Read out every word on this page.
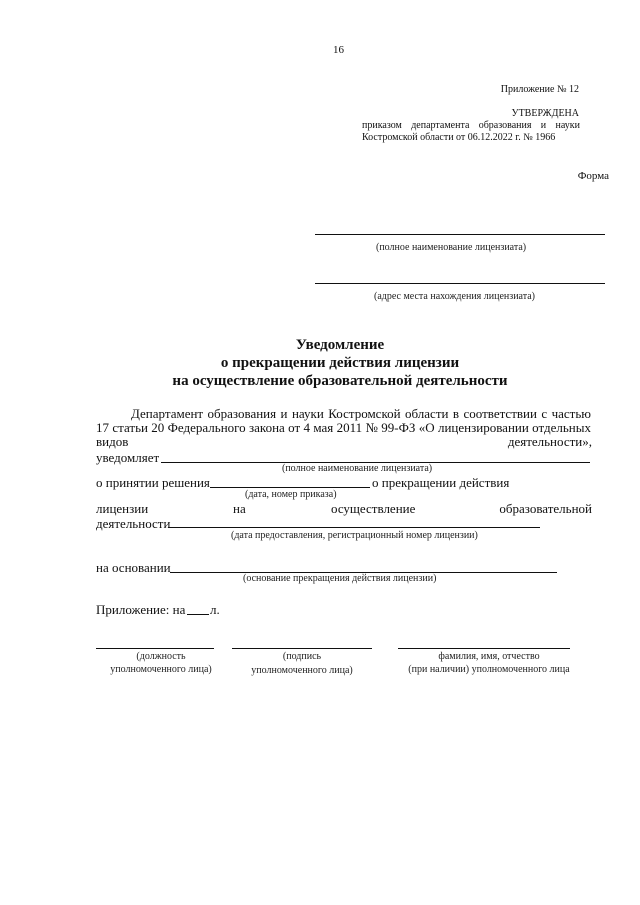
16
Приложение № 12
УТВЕРЖДЕНА
приказом департамента образования и науки
Костромской области от 06.12.2022 г. № 1966
Форма
(полное наименование лицензиата)
(адрес места нахождения лицензиата)
Уведомление
о прекращении действия лицензии
на осуществление образовательной деятельности
Департамент образования и науки Костромской области в соответствии с частью
17 статьи 20 Федерального закона от 4 мая 2011 № 99-ФЗ «О лицензировании отдельных
видов	деятельности»,
уведомляет
(полное наименование лицензиата)
о принятии решения	о прекращении действия
(дата, номер приказа)
лицензии	на	осуществление	образовательной
деятельности
(дата предоставления, регистрационный номер лицензии)
на основании
(основание прекращения действия лицензии)
Приложение: на л.
(должность
уполномоченного лица)
(подпись
уполномоченного лица)
фамилия, имя, отчество
(при наличии) уполномоченного лица
